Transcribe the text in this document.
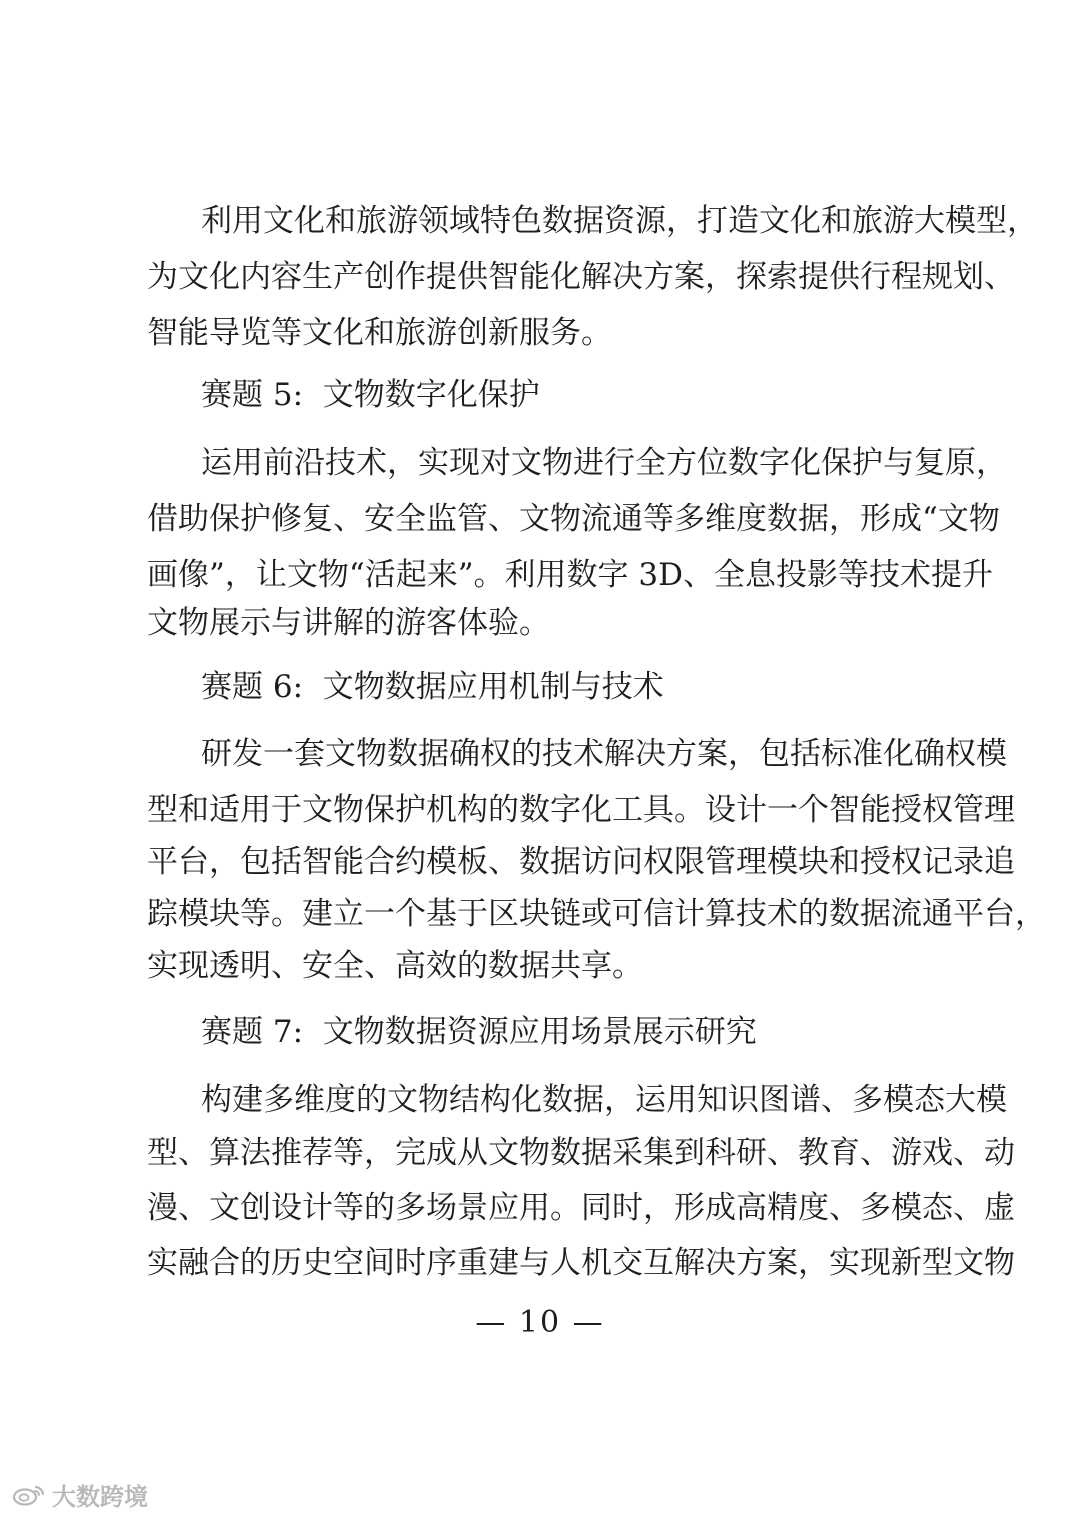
利用文化和旅游领域特色数据资源，打造文化和旅游大模型，
为文化内容生产创作提供智能化解决方案，探索提供行程规划、
智能导览等文化和旅游创新服务。
赛题 5:  文物数字化保护
运用前沿技术，实现对文物进行全方位数字化保护与复原，
借助保护修复、安全监管、文物流通等多维度数据，形成“文物
画像”，让文物“活起来”。利用数字 3D、全息投影等技术提升
文物展示与讲解的游客体验。
赛题 6:  文物数据应用机制与技术
研发一套文物数据确权的技术解决方案，包括标准化确权模
型和适用于文物保护机构的数字化工具。设计一个智能授权管理
平台，包括智能合约模板、数据访问权限管理模块和授权记录追
踪模块等。建立一个基于区块链或可信计算技术的数据流通平台，
实现透明、安全、高效的数据共享。
赛题 7:  文物数据资源应用场景展示研究
构建多维度的文物结构化数据，运用知识图谱、多模态大模
型、算法推荐等，完成从文物数据采集到科研、教育、游戏、动
漫、文创设计等的多场景应用。同时，形成高精度、多模态、虚
实融合的历史空间时序重建与人机交互解决方案，实现新型文物
— 10 —
大数跨境
